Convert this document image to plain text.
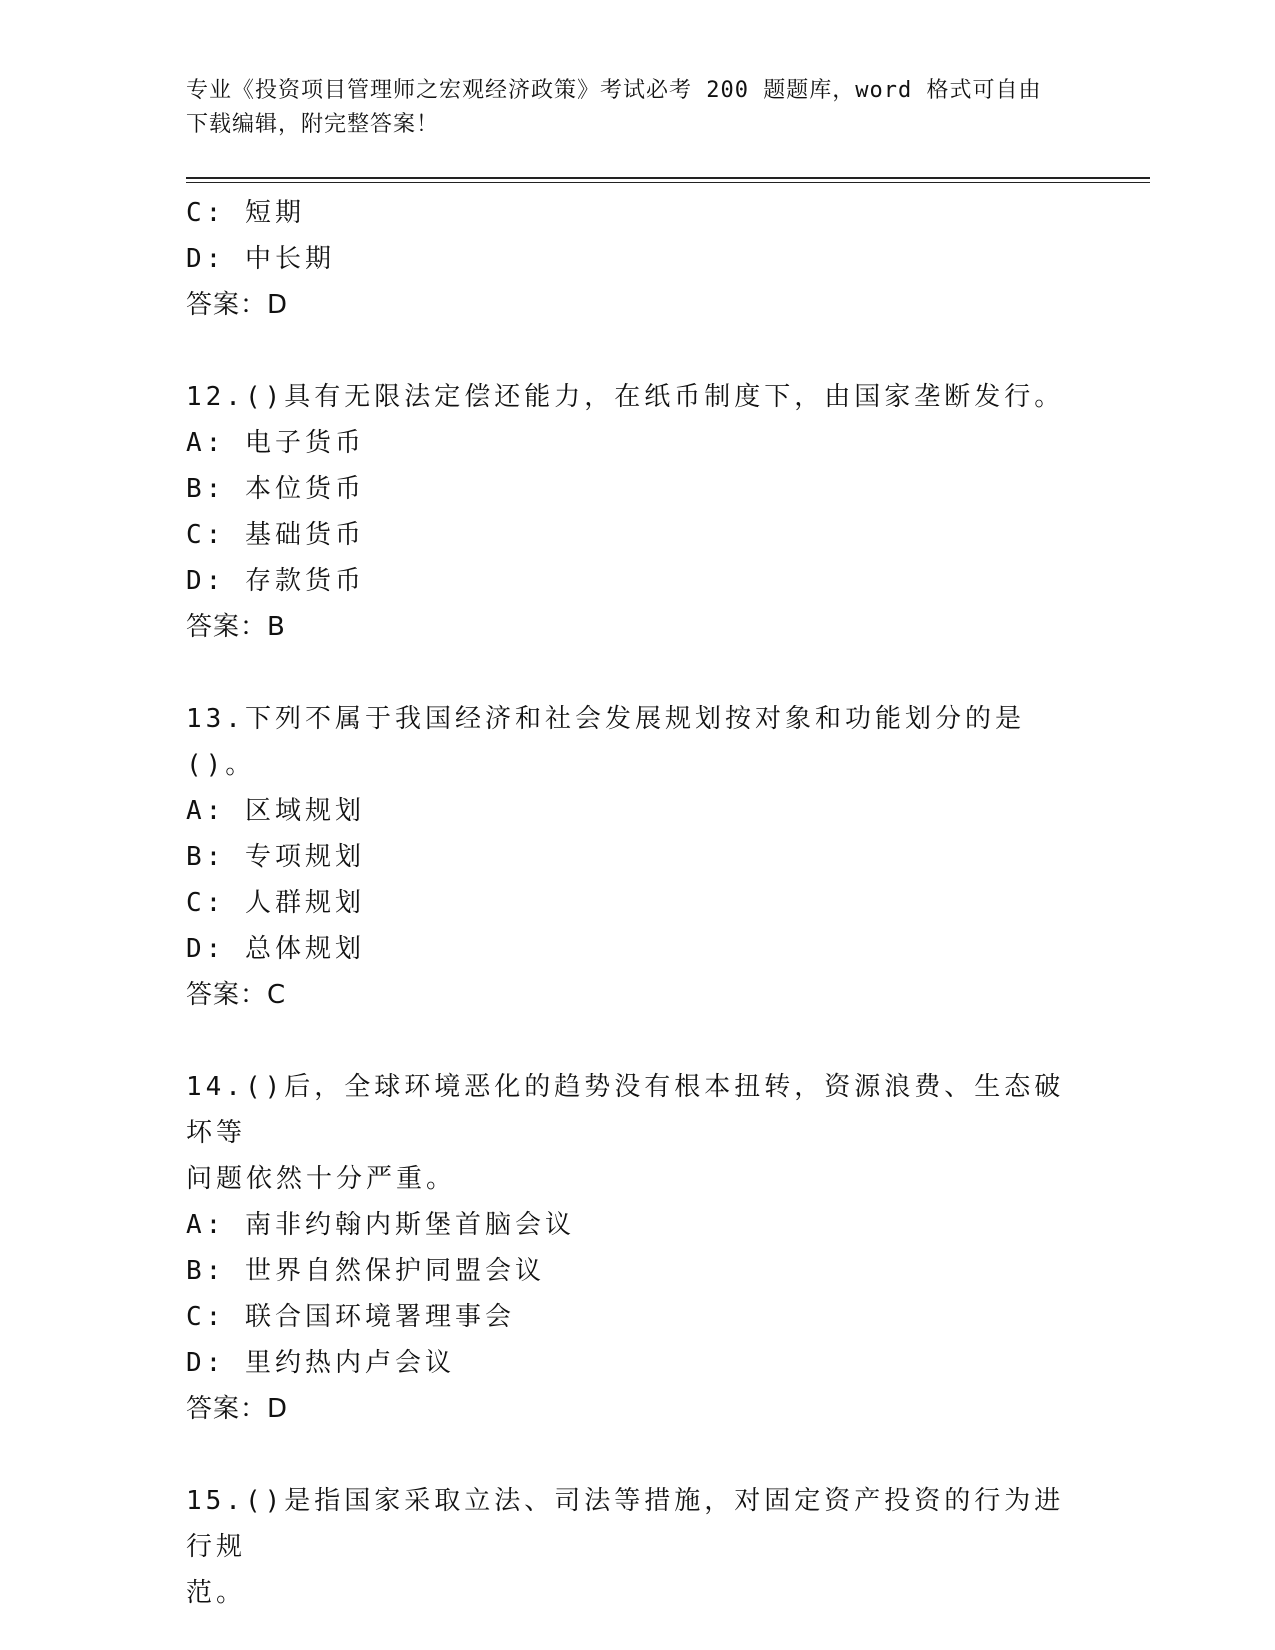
专业《投资项目管理师之宏观经济政策》考试必考 200 题题库，word 格式可自由
下载编辑，附完整答案！
C: 短期
D: 中长期
答案：D
12.()具有无限法定偿还能力，在纸币制度下，由国家垄断发行。
A: 电子货币
B: 本位货币
C: 基础货币
D: 存款货币
答案：B
13.下列不属于我国经济和社会发展规划按对象和功能划分的是()。
A: 区域规划
B: 专项规划
C: 人群规划
D: 总体规划
答案：C
14.()后，全球环境恶化的趋势没有根本扭转，资源浪费、生态破坏等
问题依然十分严重。
A: 南非约翰内斯堡首脑会议
B: 世界自然保护同盟会议
C: 联合国环境署理事会
D: 里约热内卢会议
答案：D
15.()是指国家采取立法、司法等措施，对固定资产投资的行为进行规
范。
